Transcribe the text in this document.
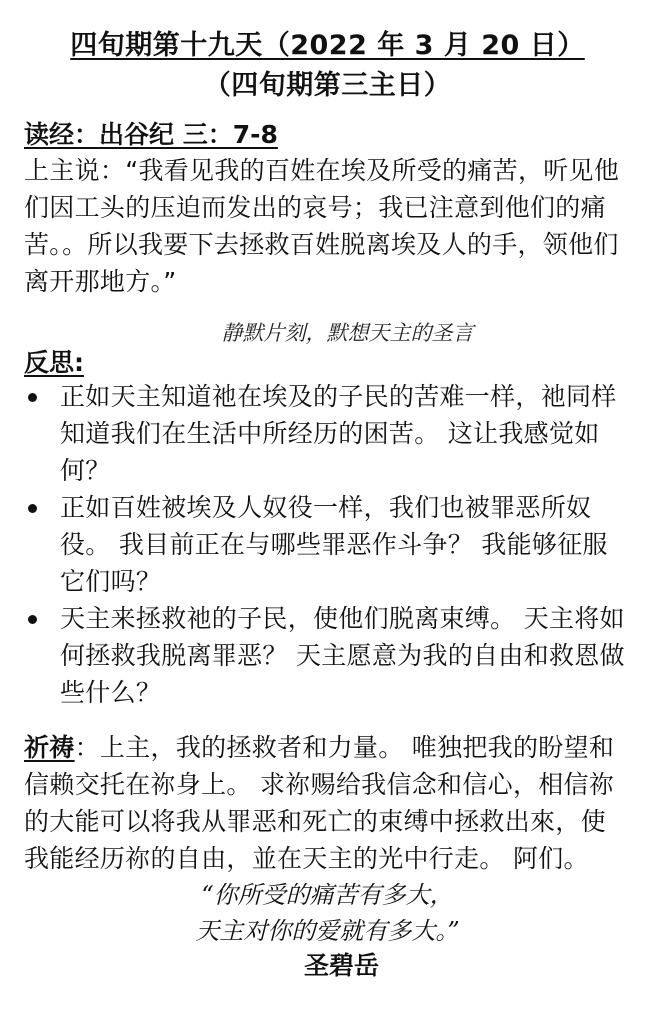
四旬期第十九天（2022 年 3 月 20 日）
（四旬期第三主日）
读经：出谷纪 三：7-8
上主说：“我看见我的百姓在埃及所受的痛苦，听见他们因工头的压迫而发出的哀号；我已注意到他们的痛苦。。所以我要下去拯救百姓脱离埃及人的手，领他们离开那地方。”
静默片刻，默想天主的圣言
反思:
正如天主知道祂在埃及的子民的苦难一样，祂同样知道我们在生活中所经历的困苦。 这让我感觉如何？
正如百姓被埃及人奴役一样，我们也被罪恶所奴役。 我目前正在与哪些罪恶作斗争？ 我能够征服它们吗？
天主来拯救祂的子民，使他们脱离束缚。 天主将如何拯救我脱离罪恶？ 天主愿意为我的自由和救恩做些什么？
祈祷：上主，我的拯救者和力量。 唯独把我的盼望和信赖交托在祢身上。 求祢赐给我信念和信心，相信祢的大能可以将我从罪恶和死亡的束缚中拯救出來，使我能经历祢的自由，並在天主的光中行走。 阿们。
“你所受的痛苦有多大，
天主对你的爱就有多大。”
圣碧岳
